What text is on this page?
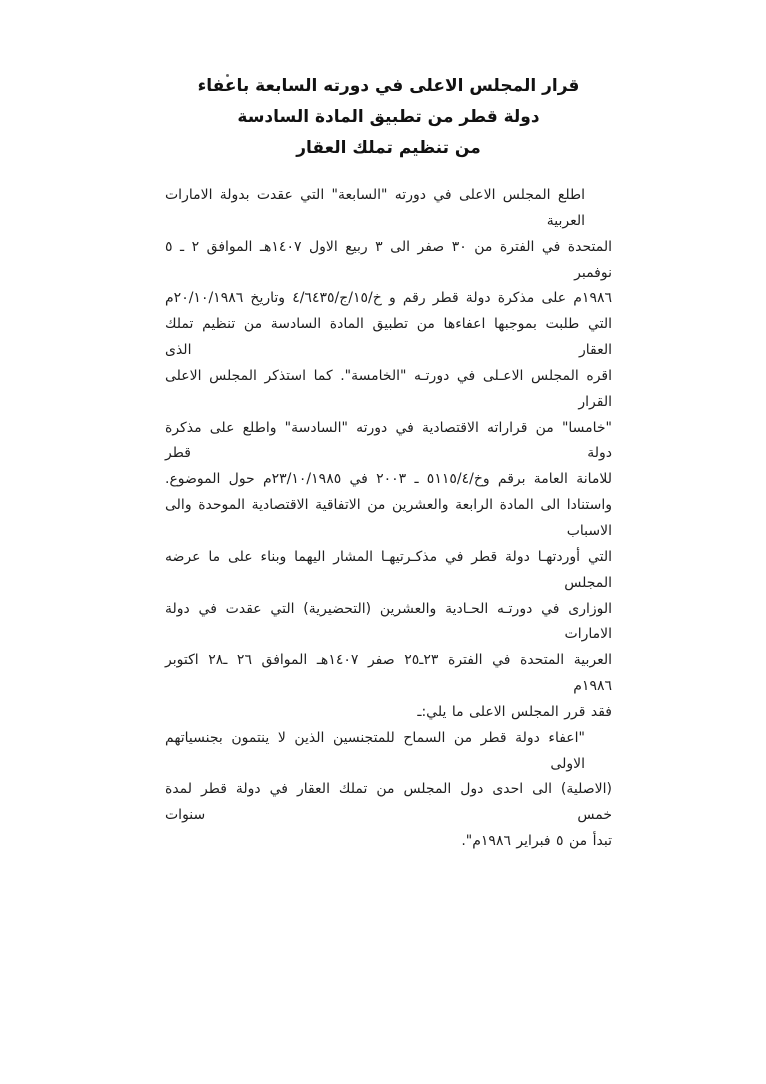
قرار المجلس الاعلى في دورته السابعة باعفاء
دولة قطر من تطبيق المادة السادسة
من تنظيم تملك العقار
اطلع المجلس الاعلى في دورته "السابعة" التي عقدت بدولة الامارات العربية
المتحدة في الفترة من ٣٠ صفر الى ٣ ربيع الاول ١٤٠٧هـ الموافق ٢ ـ ٥ نوفمبر
١٩٨٦م على مذكرة دولة قطر رقم و خ/١٥/ج/٤/٦٤٣٥ وتاريخ ٢٠/١٠/١٩٨٦م
التي طلبت بموجبها اعفاءها من تطبيق المادة السادسة من تنظيم تملك العقار الذى
اقره المجلس الاعـلى في دورتـه "الخامسة". كما استذكر المجلس الاعلى القرار
"خامسا" من قراراته الاقتصادية في دورته "السادسة" واطلع على مذكرة دولة قطر
للامانة العامة برقم وخ/٥١١٥/٤ ـ ٢٠٠٣ في ٢٣/١٠/١٩٨٥م حول الموضوع.
واستنادا الى المادة الرابعة والعشرين من الاتفاقية الاقتصادية الموحدة والى الاسباب
التي أوردتهـا دولة قطر في مذكـرتيهـا المشار اليهما وبناء على ما عرضه المجلس
الوزارى في دورتـه الحـادية والعشرين (التحضيرية) التي عقدت في دولة الامارات
العربية المتحدة في الفترة ٢٣ـ٢٥ صفر ١٤٠٧هـ الموافق ٢٦ ـ٢٨ اكتوبر ١٩٨٦م
فقد قرر المجلس الاعلى ما يلي:ـ
"اعفاء دولة قطر من السماح للمتجنسين الذين لا ينتمون بجنسياتهم الاولى
(الاصلية) الى احدى دول المجلس من تملك العقار في دولة قطر لمدة خمس سنوات
تبدأ من ٥ فبراير ١٩٨٦م".
